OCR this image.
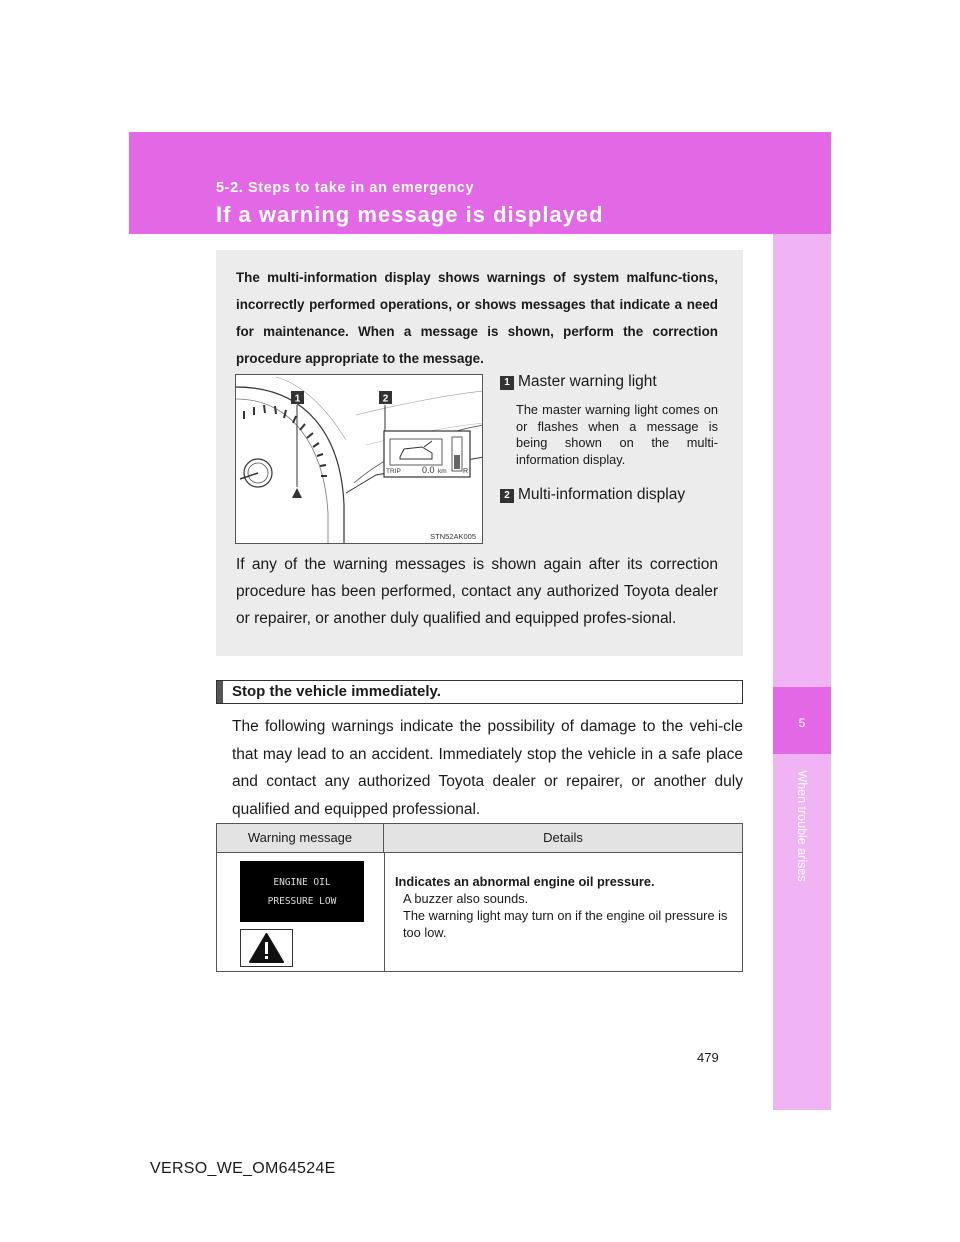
5-2. Steps to take in an emergency
If a warning message is displayed
5
When trouble arises
The multi-information display shows warnings of system malfunc-tions, incorrectly performed operations, or shows messages that indicate a need for maintenance. When a message is shown, perform the correction procedure appropriate to the message.
1
TRIP 0.0 km R
2
STN52AK005
1 Master warning light
The master warning light comes on or flashes when a message is being shown on the multi-information display.
2 Multi-information display
If any of the warning messages is shown again after its correction procedure has been performed, contact any authorized Toyota dealer or repairer, or another duly qualified and equipped profes-sional.
Stop the vehicle immediately.
The following warnings indicate the possibility of damage to the vehi-cle that may lead to an accident. Immediately stop the vehicle in a safe place and contact any authorized Toyota dealer or repairer, or another duly qualified and equipped professional.
Warning message	Details
ENGINE OIL
PRESSURE LOW
Indicates an abnormal engine oil pressure.
A buzzer also sounds.
The warning light may turn on if the engine oil pressure is too low.
479
VERSO_WE_OM64524E
